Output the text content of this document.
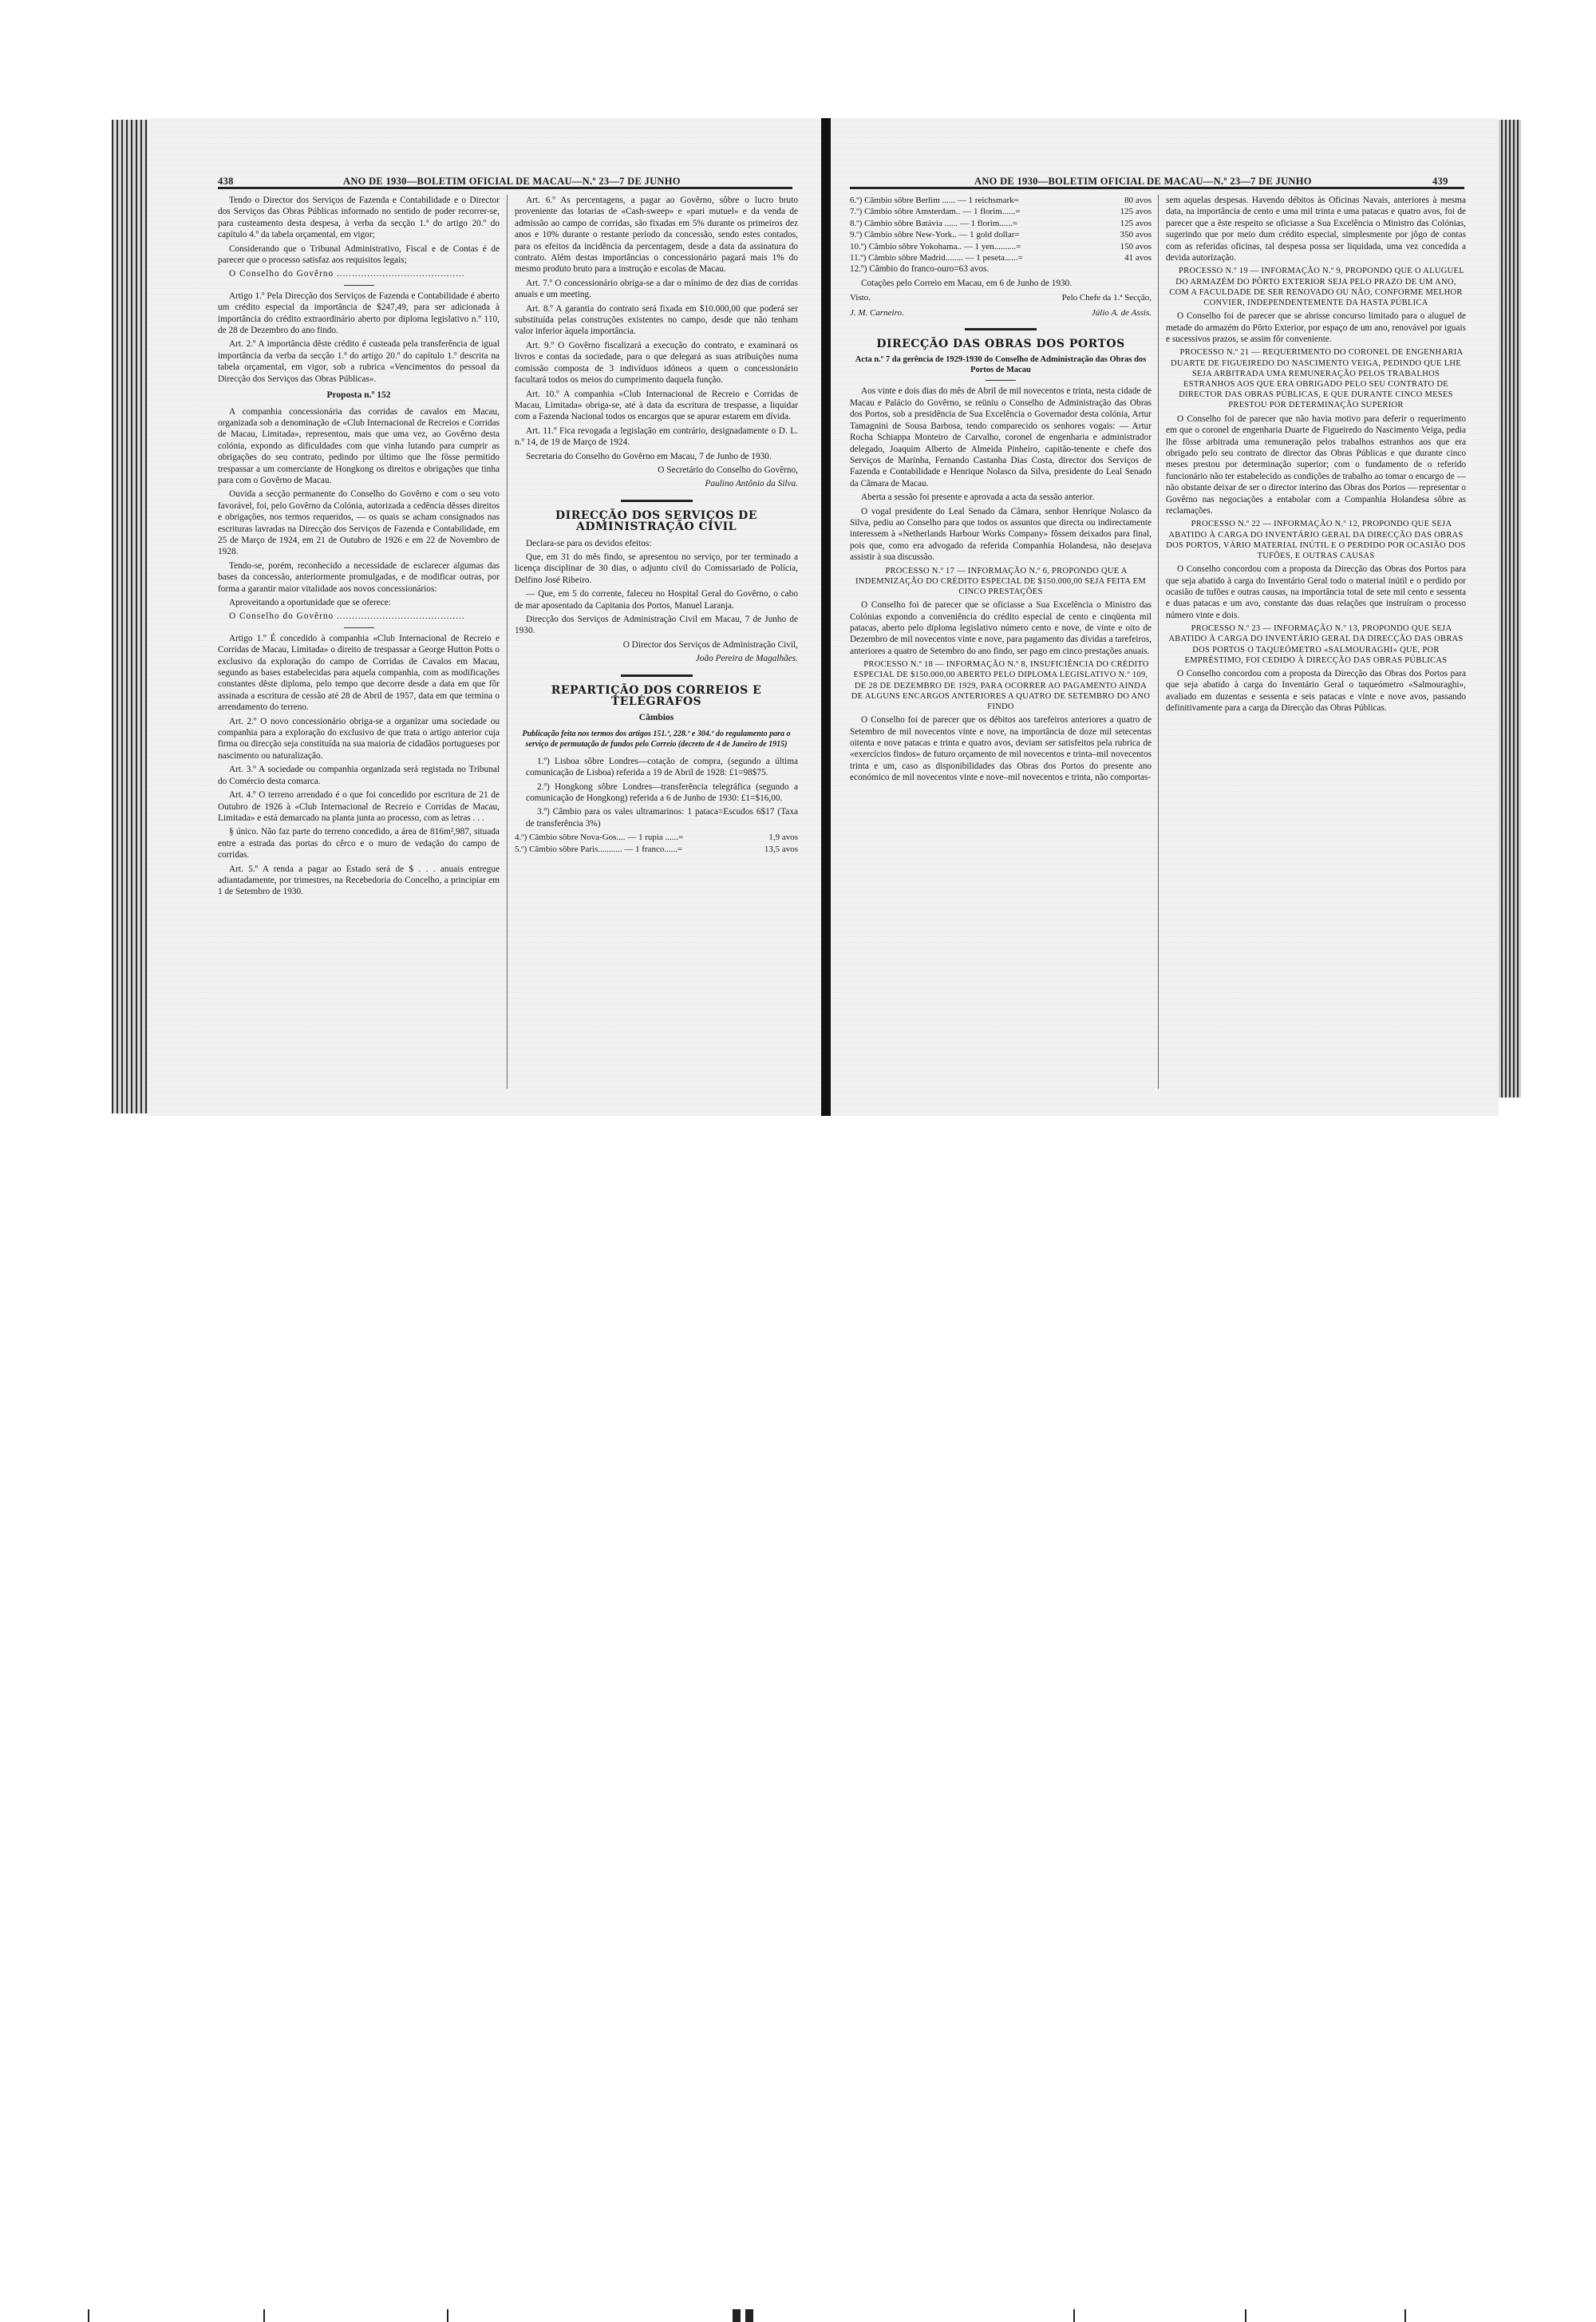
438	ANO DE 1930—BOLETIM OFICIAL DE MACAU—N.º 23—7 DE JUNHO

Tendo o Director dos Serviços de Fazenda e Contabilidade e o Director dos Serviços das Obras Públicas informado no sentido de poder recorrer-se, para custeamento desta despesa, à verba da secção 1.ª do artigo 20.º do capítulo 4.º da tabela orçamental, em vigor;

Considerando que o Tribunal Administrativo, Fiscal e de Contas é de parecer que o processo satisfaz aos requisitos legais;

O Conselho do Govêrno ..........................................

Artigo 1.º Pela Direcção dos Serviços de Fazenda e Contabilidade é aberto um crédito especial da importância de $247,49, para ser adicionada à importância do crédito extraordinário aberto por diploma legislativo n.º 110, de 28 de Dezembro do ano findo.

Art. 2.º A importância dêste crédito é custeada pela transferência de igual importância da verba da secção 1.ª do artigo 20.º do capítulo 1.º descrita na tabela orçamental, em vigor, sob a rubrica «Vencimentos do pessoal da Direcção dos Serviços das Obras Públicas».

Proposta n.º 152

A companhia concessionária das corridas de cavalos em Macau, organizada sob a denominação de «Club Internacional de Recreios e Corridas de Macau, Limitada», representou, mais que uma vez, ao Govêrno desta colónia, expondo as dificuldades com que vinha lutando para cumprir as obrigações do seu contrato, pedindo por último que lhe fôsse permitido trespassar a um comerciante de Hongkong os direitos e obrigações que tinha para com o Govêrno de Macau.

Ouvida a secção permanente do Conselho do Govêrno e com o seu voto favorável, foi, pelo Govêrno da Colónia, autorizada a cedência dêsses direitos e obrigações, nos termos requeridos, — os quais se acham consignados nas escrituras lavradas na Direcção dos Serviços de Fazenda e Contabilidade, em 25 de Março de 1924, em 21 de Outubro de 1926 e em 22 de Novembro de 1928.

Tendo-se, porém, reconhecido a necessidade de esclarecer algumas das bases da concessão, anteriormente promulgadas, e de modificar outras, por forma a garantir maior vitalidade aos novos concessionários:

Aproveitando a oportunidade que se oferece:

O Conselho do Govêrno ..........................................

Artigo 1.º É concedido à companhia «Club Internacional de Recreio e Corridas de Macau, Limitada» o direito de trespassar a George Hutton Potts o exclusivo da exploração do campo de Corridas de Cavalos em Macau, segundo as bases estabelecidas para aquela companhia, com as modificações constantes dêste diploma, pelo tempo que decorre desde a data em que fôr assinada a escritura de cessão até 28 de Abril de 1957, data em que termina o arrendamento do terreno.

Art. 2.º O novo concessionário obriga-se a organizar uma sociedade ou companhia para a exploração do exclusivo de que trata o artigo anterior cuja firma ou direcção seja constituída na sua maioria de cidadãos portugueses por nascimento ou naturalização.

Art. 3.º A sociedade ou companhia organizada será registada no Tribunal do Comércio desta comarca.

Art. 4.º O terreno arrendado é o que foi concedido por escritura de 21 de Outubro de 1926 à «Club Internacional de Recreio e Corridas de Macau, Limitada» e está demarcado na planta junta ao processo, com as letras . . .

§ único. Não faz parte do terreno concedido, a área de 816m²,987, situada entre a estrada das portas do cêrco e o muro de vedação do campo de corridas.

Art. 5.º A renda a pagar ao Estado será de $ . . . anuais entregue adiantadamente, por trimestres, na Recebedoria do Concelho, a principiar em 1 de Setembro de 1930.

Art. 6.º As percentagens, a pagar ao Govêrno, sôbre o lucro bruto proveniente das lotarias de «Cash-sweep» e «pari mutuel» e da venda de admissão ao campo de corridas, são fixadas em 5% durante os primeiros dez anos e 10% durante o restante período da concessão, sendo estes contados, para os efeitos da incidência da percentagem, desde a data da assinatura do contrato. Além destas importâncias o concessionário pagará mais 1% do mesmo produto bruto para a instrução e escolas de Macau.

Art. 7.º O concessionário obriga-se a dar o mínimo de dez dias de corridas anuais e um meeting.

Art. 8.º A garantia do contrato será fixada em $10.000,00 que poderá ser substituída pelas construções existentes no campo, desde que não tenham valor inferior àquela importância.

Art. 9.º O Govêrno fiscalizará a execução do contrato, e examinará os livros e contas da sociedade, para o que delegará as suas atribuições numa comissão composta de 3 indivíduos idóneos a quem o concessionário facultará todos os meios do cumprimento daquela função.

Art. 10.º A companhia «Club Internacional de Recreio e Corridas de Macau, Limitada» obriga-se, até à data da escritura de trespasse, a liquidar com a Fazenda Nacional todos os encargos que se apurar estarem em dívida.

Art. 11.º Fica revogada a legislação em contrário, designadamente o D. L. n.º 14, de 19 de Março de 1924.

Secretaria do Conselho do Govêrno em Macau, 7 de Junho de 1930.

O Secretário do Conselho do Govêrno,

Paulino Antônio da Silva.

DIRECÇÃO DOS SERVIÇOS DE ADMINISTRAÇÃO CIVIL

Declara-se para os devidos efeitos:

Que, em 31 do mês findo, se apresentou no serviço, por ter terminado a licença disciplinar de 30 dias, o adjunto civil do Comissariado de Polícia, Delfino José Ribeiro.

— Que, em 5 do corrente, faleceu no Hospital Geral do Govêrno, o cabo de mar aposentado da Capitania dos Portos, Manuel Laranja.

Direcção dos Serviços de Administração Civil em Macau, 7 de Junho de 1930.

O Director dos Serviços de Administração Civil,

João Pereira de Magalhães.

REPARTIÇÃO DOS CORREIOS E TELÉGRAFOS
Câmbios
Publicação feita nos termos dos artigos 151.º, 228.º e 304.º do regulamento para o serviço de permutação de fundos pelo Correio (decreto de 4 de Janeiro de 1915)

1.º) Lisboa sôbre Londres—cotação de compra, (segundo a última comunicação de Lisboa) referida a 19 de Abril de 1928: £1=98$75.

2.º) Hongkong sôbre Londres—transferência telegráfica (segundo a comunicação de Hongkong) referida a 6 de Junho de 1930: £1=$16,00.

3.º) Câmbio para os vales ultramarinos: 1 pataca=Escudos 6$17 (Taxa de transferência 3%)

4.º) Câmbio sôbre Nova-Gos.... — 1 rupia ......=	1,9 avos
5.º) Câmbio sôbre Paris........... — 1 franco......=	13,5 avos
ANO DE 1930—BOLETIM OFICIAL DE MACAU—N.º 23—7 DE JUNHO	439
6.º) Câmbio sôbre Berlim ...... — 1 reichsmark=	80 avos
7.º) Câmbio sôbre Amsterdam.. — 1 florim......=	125 avos
8.º) Câmbio sôbre Batávia ...... — 1 florim......=	125 avos
9.º) Câmbio sôbre New-York.. — 1 gold dollar=	350 avos
10.º) Câmbio sôbre Yokohama.. — 1 yen..........=	150 avos
11.º) Câmbio sôbre Madrid........ — 1 peseta......=	41 avos

12.º) Câmbio do franco-ouro=63 avos.

Cotações pelo Correio em Macau, em 6 de Junho de 1930.

Visto.	Pelo Chefe da 1.ª Secção,
J. M. Carneiro.	Júlio A. de Assis.
DIRECÇÃO DAS OBRAS DOS PORTOS
Acta n.º 7 da gerência de 1929-1930 do Conselho de Administração das Obras dos Portos de Macau

Aos vinte e dois dias do mês de Abril de mil novecentos e trinta, nesta cidade de Macau e Palácio do Govêrno, se reüniu o Conselho de Administração das Obras dos Portos, sob a presidência de Sua Excelência o Governador desta colónia, Artur Tamagnini de Sousa Barbosa, tendo comparecido os senhores vogais: — Artur Rocha Schiappa Monteiro de Carvalho, coronel de engenharia e administrador delegado, Joaquim Alberto de Almeida Pinheiro, capitão-tenente e chefe dos Serviços de Marinha, Fernando Castanha Dias Costa, director dos Serviços de Fazenda e Contabilidade e Henrique Nolasco da Silva, presidente do Leal Senado da Câmara de Macau.

Aberta a sessão foi presente e aprovada a acta da sessão anterior.

O vogal presidente do Leal Senado da Câmara, senhor Henrique Nolasco da Silva, pediu ao Conselho para que todos os assuntos que directa ou indirectamente interessem à «Netherlands Harbour Works Company» fôssem deixados para final, pois que, como era advogado da referida Companhia Holandesa, não desejava assistir à sua discussão.

PROCESSO N.º 17 — INFORMAÇÃO N.º 6, PROPONDO QUE A INDEMNIZAÇÃO DO CRÉDITO ESPECIAL DE $150.000,00 SEJA FEITA EM CINCO PRESTAÇÕES

O Conselho foi de parecer que se oficiasse a Sua Excelência o Ministro das Colónias expondo a conveniência do crédito especial de cento e cinqüenta mil patacas, aberto pelo diploma legislativo número cento e nove, de vinte e oito de Dezembro de mil novecentos vinte e nove, para pagamento das dívidas a tarefeiros, anteriores a quatro de Setembro do ano findo, ser pago em cinco prestações anuais.

PROCESSO N.º 18 — INFORMAÇÃO N.º 8, INSUFICIÊNCIA DO CRÉDITO ESPECIAL DE $150.000,00 ABERTO PELO DIPLOMA LEGISLATIVO N.º 109, DE 28 DE DEZEMBRO DE 1929, PARA OCORRER AO PAGAMENTO AINDA DE ALGUNS ENCARGOS ANTERIORES A QUATRO DE SETEMBRO DO ANO FINDO

O Conselho foi de parecer que os débitos aos tarefeiros anteriores a quatro de Setembro de mil novecentos vinte e nove, na importância de doze mil setecentas oitenta e nove patacas e trinta e quatro avos, deviam ser satisfeitos pela rubrica de «exercícios findos» de futuro orçamento de mil novecentos e trinta–mil novecentos trinta e um, caso as disponibilidades das Obras dos Portos do presente ano económico de mil novecentos vinte e nove–mil novecentos e trinta, não comportas-

sem aquelas despesas. Havendo débitos às Oficinas Navais, anteriores à mesma data, na importância de cento e uma mil trinta e uma patacas e quatro avos, foi de parecer que a êste respeito se oficiasse a Sua Excelência o Ministro das Colónias, sugerindo que por meio dum crédito especial, simplesmente por jôgo de contas com as referidas oficinas, tal despesa possa ser liquidada, uma vez concedida a devida autorização.

PROCESSO N.º 19 — INFORMAÇÃO N.º 9, PROPONDO QUE O ALUGUEL DO ARMAZÉM DO PÔRTO EXTERIOR SEJA PELO PRAZO DE UM ANO, COM A FACULDADE DE SER RENOVADO OU NÃO, CONFORME MELHOR CONVIER, INDEPENDENTEMENTE DA HASTA PÚBLICA

O Conselho foi de parecer que se abrisse concurso limitado para o aluguel de metade do armazém do Pôrto Exterior, por espaço de um ano, renovável por iguais e sucessivos prazos, se assim fôr conveniente.

PROCESSO N.º 21 — REQUERIMENTO DO CORONEL DE ENGENHARIA DUARTE DE FIGUEIREDO DO NASCIMENTO VEIGA, PEDINDO QUE LHE SEJA ARBITRADA UMA REMUNERAÇÃO PELOS TRABALHOS ESTRANHOS AOS QUE ERA OBRIGADO PELO SEU CONTRATO DE DIRECTOR DAS OBRAS PÚBLICAS, E QUE DURANTE CINCO MESES PRESTOU POR DETERMINAÇÃO SUPERIOR

O Conselho foi de parecer que não havia motivo para deferir o requerimento em que o coronel de engenharia Duarte de Figueiredo do Nascimento Veiga, pedia lhe fôsse arbitrada uma remuneração pelos trabalhos estranhos aos que era obrigado pelo seu contrato de director das Obras Públicas e que durante cinco meses prestou por determinação superior; com o fundamento de o referido funcionário não ter estabelecido as condições de trabalho ao tomar o encargo de — não obstante deixar de ser o director interino das Obras dos Portos — representar o Govêrno nas negociações a entabolar com a Companhia Holandesa sôbre as reclamações.

PROCESSO N.º 22 — INFORMAÇÃO N.º 12, PROPONDO QUE SEJA ABATIDO À CARGA DO INVENTÁRIO GERAL DA DIRECÇÃO DAS OBRAS DOS PORTOS, VÁRIO MATERIAL INÚTIL E O PERDIDO POR OCASIÃO DOS TUFÕES, E OUTRAS CAUSAS

O Conselho concordou com a proposta da Direcção das Obras dos Portos para que seja abatido à carga do Inventário Geral todo o material inútil e o perdido por ocasião de tufões e outras causas, na importância total de sete mil cento e sessenta e duas patacas e um avo, constante das duas relações que instruíram o processo número vinte e dois.

PROCESSO N.º 23 — INFORMAÇÃO N.º 13, PROPONDO QUE SEJA ABATIDO À CARGA DO INVENTÁRIO GERAL DA DIRECÇÃO DAS OBRAS DOS PORTOS O TAQUEÓMETRO «SALMOURAGHI» QUE, POR EMPRÉSTIMO, FOI CEDIDO À DIRECÇÃO DAS OBRAS PÚBLICAS

O Conselho concordou com a proposta da Direcção das Obras dos Portos para que seja abatido à carga do Inventário Geral o taqueómetro «Salmouraghi», avaliado em duzentas e sessenta e seis patacas e vinte e nove avos, passando definitivamente para a carga da Direcção das Obras Públicas.
